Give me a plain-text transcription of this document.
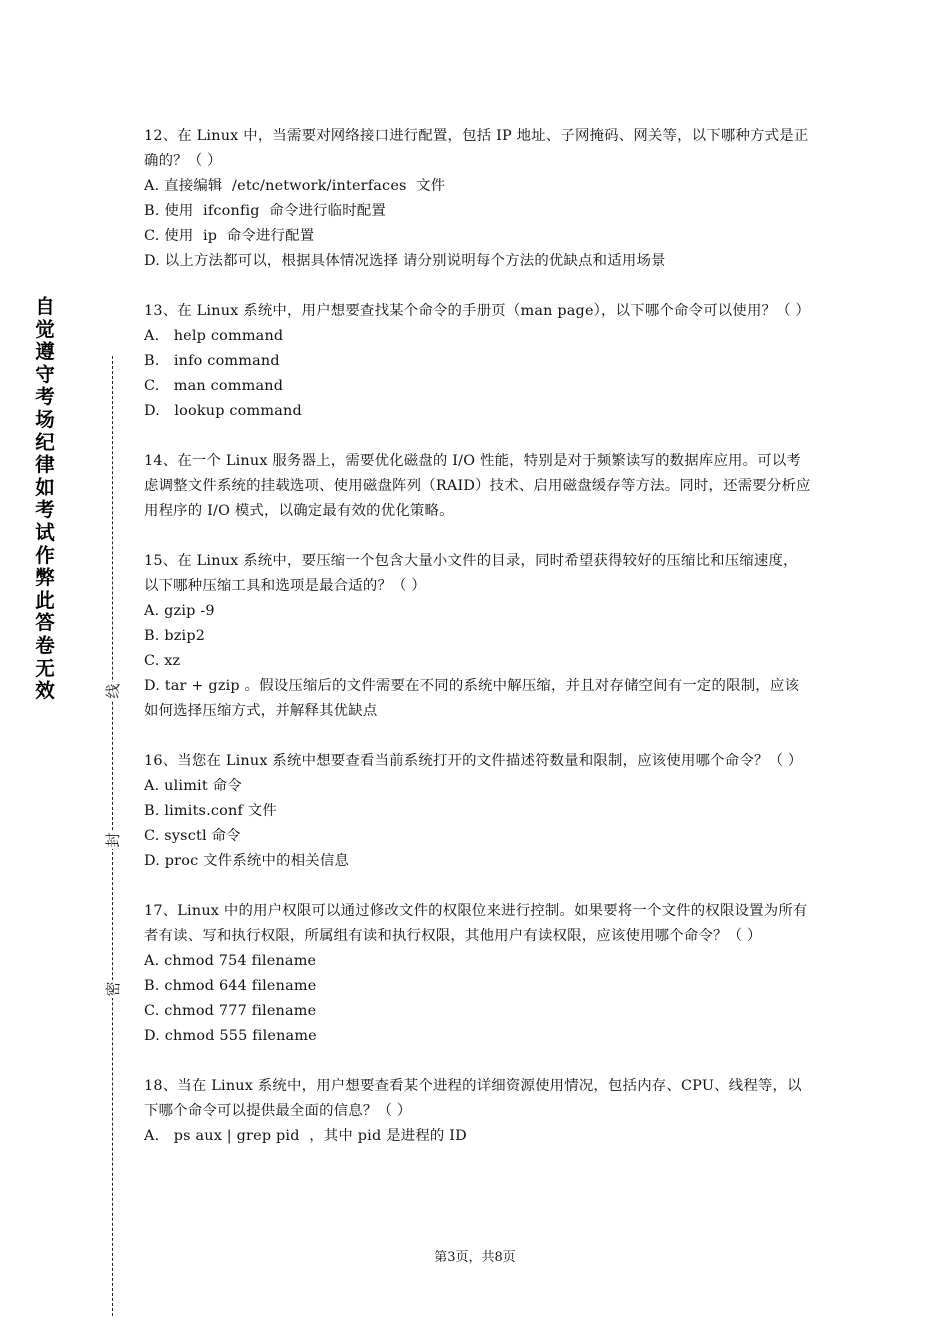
自觉遵守考场纪律如考试作弊此答卷无效	线
封
密

12、在 Linux 中，当需要对网络接口进行配置，包括 IP 地址、子网掩码、网关等，以下哪种方式是正确的？（ ）

A. 直接编辑  /etc/network/interfaces  文件

B. 使用  ifconfig  命令进行临时配置

C. 使用  ip  命令进行配置

D. 以上方法都可以，根据具体情况选择 请分别说明每个方法的优缺点和适用场景

13、在 Linux 系统中，用户想要查找某个命令的手册页（man page），以下哪个命令可以使用？（ ）

A.   help command

B.   info command

C.   man command

D.   lookup command

14、在一个 Linux 服务器上，需要优化磁盘的 I/O 性能，特别是对于频繁读写的数据库应用。可以考虑调整文件系统的挂载选项、使用磁盘阵列（RAID）技术、启用磁盘缓存等方法。同时，还需要分析应用程序的 I/O 模式，以确定最有效的优化策略。

15、在 Linux 系统中，要压缩一个包含大量小文件的目录，同时希望获得较好的压缩比和压缩速度，以下哪种压缩工具和选项是最合适的？（ ）

A. gzip -9

B. bzip2

C. xz

D. tar + gzip 。假设压缩后的文件需要在不同的系统中解压缩，并且对存储空间有一定的限制，应该如何选择压缩方式，并解释其优缺点

16、当您在 Linux 系统中想要查看当前系统打开的文件描述符数量和限制，应该使用哪个命令？（ ）

A. ulimit 命令

B. limits.conf 文件

C. sysctl 命令

D. proc 文件系统中的相关信息

17、Linux 中的用户权限可以通过修改文件的权限位来进行控制。如果要将一个文件的权限设置为所有者有读、写和执行权限，所属组有读和执行权限，其他用户有读权限，应该使用哪个命令？（ ）

A. chmod 754 filename

B. chmod 644 filename

C. chmod 777 filename

D. chmod 555 filename

18、当在 Linux 系统中，用户想要查看某个进程的详细资源使用情况，包括内存、CPU、线程等，以下哪个命令可以提供最全面的信息？（ ）

A.   ps aux | grep pid  ，其中 pid 是进程的 ID

第3页，共8页
